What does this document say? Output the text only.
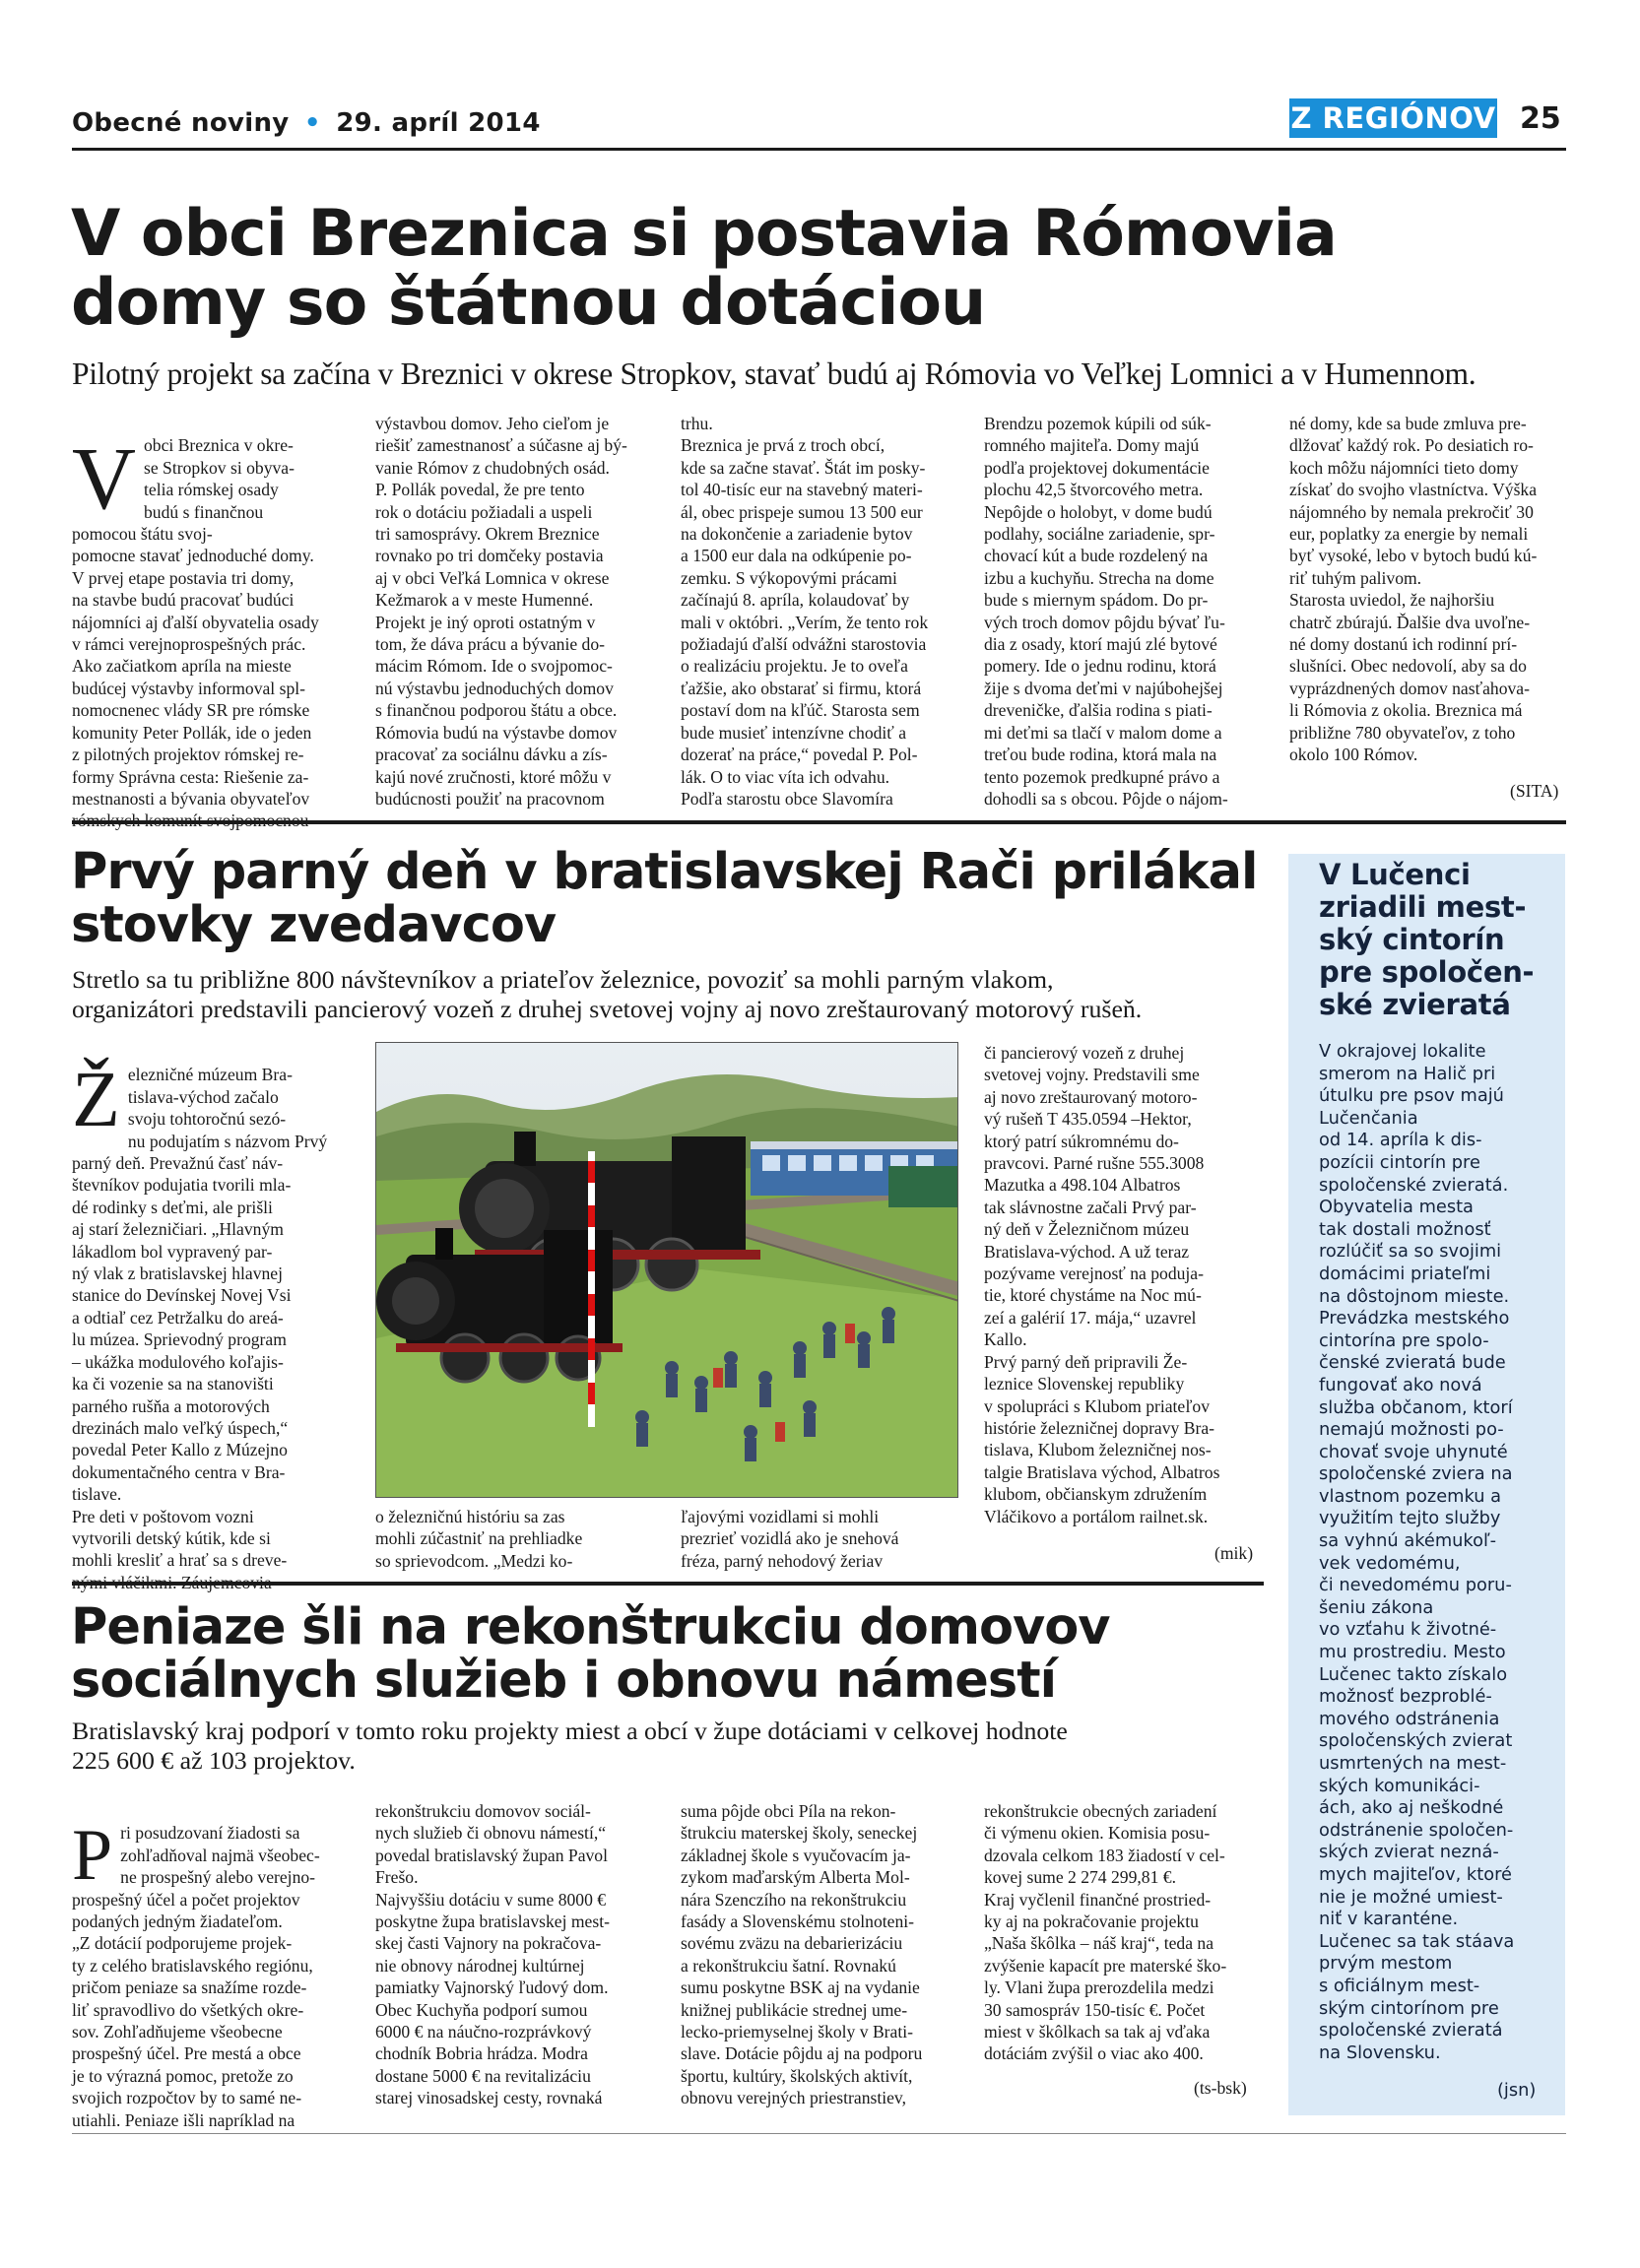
Obecné noviny • 29. apríl 2014	Z REGIÓNOV 25
V obci Breznica si postavia Rómovia
domy so štátnou dotáciou
Pilotný projekt sa začína v Breznici v okrese Stropkov, stavať budú aj Rómovia vo Veľkej Lomnici a v Humennom.

Vobci Breznica v okre-
se Stropkov si obyva-
telia rómskej osady
budú s finančnou
pomocou štátu svoj-
pomocne stavať jednoduché domy.
V prvej etape postavia tri domy,
na stavbe budú pracovať budúci
nájomníci aj ďalší obyvatelia osady
v rámci verejnoprospešných prác.
Ako začiatkom apríla na mieste
budúcej výstavby informoval spl-
nomocnenec vlády SR pre rómske
komunity Peter Pollák, ide o jeden
z pilotných projektov rómskej re-
formy Správna cesta: Riešenie za-
mestnanosti a bývania obyvateľov

výstavbou domov. Jeho cieľom je
riešiť zamestnanosť a súčasne aj bý-
vanie Rómov z chudobných osád.
P. Pollák povedal, že pre tento
rok o dotáciu požiadali a uspeli
tri samosprávy. Okrem Breznice
rovnako po tri domčeky postavia
aj v obci Veľká Lomnica v okrese
Kežmarok a v meste Humenné.
Projekt je iný oproti ostatným v
tom, že dáva prácu a bývanie do-
mácim Rómom. Ide o svojpomoc-
nú výstavbu jednoduchých domov
s finančnou podporou štátu a obce.
Rómovia budú na výstavbe domov
pracovať za sociálnu dávku a zís-
kajú nové zručnosti, ktoré môžu v
budúcnosti použiť na pracovnom
trhu.
Breznica je prvá z troch obcí,
kde sa začne stavať. Štát im posky-
tol 40-tisíc eur na stavebný materi-
ál, obec prispeje sumou 13 500 eur
na dokončenie a zariadenie bytov
a 1500 eur dala na odkúpenie po-
zemku. S výkopovými prácami
začínajú 8. apríla, kolaudovať by
mali v októbri. „Verím, že tento rok
požiadajú ďalší odvážni starostovia
o realizáciu projektu. Je to oveľa
ťažšie, ako obstarať si firmu, ktorá
postaví dom na kľúč. Starosta sem
bude musieť intenzívne chodiť a
dozerať na práce,“ povedal P. Pol-
lák. O to viac víta ich odvahu.
Podľa starostu obce Slavomíra
Brendzu pozemok kúpili od súk-
romného majiteľa. Domy majú
podľa projektovej dokumentácie
plochu 42,5 štvorcového metra.
Nepôjde o holobyt, v dome budú
podlahy, sociálne zariadenie, spr-
chovací kút a bude rozdelený na
izbu a kuchyňu. Strecha na dome
bude s miernym spádom. Do pr-
vých troch domov pôjdu bývať ľu-
dia z osady, ktorí majú zlé bytové
pomery. Ide o jednu rodinu, ktorá
žije s dvoma deťmi v najúbohejšej
dreveničke, ďalšia rodina s piati-
mi deťmi sa tlačí v malom dome a
treťou bude rodina, ktorá mala na
tento pozemok predkupné právo a
dohodli sa s obcou. Pôjde o nájom-
né domy, kde sa bude zmluva pre-
dlžovať každý rok. Po desiatich ro-
koch môžu nájomníci tieto domy
získať do svojho vlastníctva. Výška
nájomného by nemala prekročiť 30
eur, poplatky za energie by nemali
byť vysoké, lebo v bytoch budú kú-
riť tuhým palivom.
Starosta uviedol, že najhoršiu
chatrč zbúrajú. Ďalšie dva uvoľne-
né domy dostanú ich rodinní prí-
slušníci. Obec nedovolí, aby sa do
vyprázdnených domov nasťahova-
li Rómovia z okolia. Breznica má
približne 780 obyvateľov, z toho
okolo 100 Rómov.
(SITA)
Prvý parný deň v bratislavskej Rači prilákal
stovky zvedavcov
Stretlo sa tu približne 800 návštevníkov a priateľov železnice, povoziť sa mohli parným vlakom,
organizátori predstavili pancierový vozeň z druhej svetovej vojny aj novo zreštaurovaný motorový rušeň.

Železničné múzeum Bra-
tislava-východ začalo
svoju tohtoročnú sezó-
nu podujatím s názvom Prvý
parný deň. Prevažnú časť náv-
števníkov podujatia tvorili mla-
dé rodinky s deťmi, ale prišli
aj starí železničiari. „Hlavným
lákadlom bol vypravený par-
ný vlak z bratislavskej hlavnej
stanice do Devínskej Novej Vsi
a odtiaľ cez Petržalku do areá-
lu múzea. Sprievodný program
– ukážka modulového koľajis-
ka či vozenie sa na stanovišti
parného rušňa a motorových
drezinách malo veľký úspech,“
povedal Peter Kallo z Múzejno
dokumentačného centra v Bra-
tislave.
Pre deti v poštovom vozni
vytvorili detský kútik, kde si
mohli kresliť a hrať sa s dreve-

o železničnú históriu sa zas
mohli zúčastniť na prehliadke
so sprievodcom. „Medzi ko-
ľajovými vozidlami si mohli
prezrieť vozidlá ako je snehová
fréza, parný nehodový žeriav
či pancierový vozeň z druhej
svetovej vojny. Predstavili sme
aj novo zreštaurovaný motoro-
vý rušeň T 435.0594 –Hektor,
ktorý patrí súkromnému do-
pravcovi. Parné rušne 555.3008
Mazutka a 498.104 Albatros
tak slávnostne začali Prvý par-
ný deň v Železničnom múzeu
Bratislava-východ. A už teraz
pozývame verejnosť na poduja-
tie, ktoré chystáme na Noc mú-
zeí a galérií 17. mája,“ uzavrel
Kallo.
Prvý parný deň pripravili Že-
leznice Slovenskej republiky
v spolupráci s Klubom priateľov
histórie železničnej dopravy Bra-
tislava, Klubom železničnej nos-
talgie Bratislava východ, Albatros
klubom, občianskym združením
Vláčikovo a portálom railnet.sk.
(mik)
V Lučenci
zriadili mest-
ský cintorín
pre spoločen-
ské zvieratá
V okrajovej lokalite
smerom na Halič pri
útulku pre psov majú
Lučenčania
od 14. apríla k dis-
pozícii cintorín pre
spoločenské zvieratá.
Obyvatelia mesta
tak dostali možnosť
rozlúčiť sa so svojimi
domácimi priateľmi
na dôstojnom mieste.
Prevádzka mestského
cintorína pre spolo-
čenské zvieratá bude
fungovať ako nová
služba občanom, ktorí
nemajú možnosti po-
chovať svoje uhynuté
spoločenské zviera na
vlastnom pozemku a
využitím tejto služby
sa vyhnú akémukoľ-
vek vedomému,
či nevedomému poru-
šeniu zákona
vo vzťahu k životné-
mu prostrediu. Mesto
Lučenec takto získalo
možnosť bezproblé-
mového odstránenia
spoločenských zvierat
usmrtených na mest-
ských komunikáci-
ách, ako aj neškodné
odstránenie spoločen-
ských zvierat nezná-
mych majiteľov, ktoré
nie je možné umiest-
niť v karanténe.
Lučenec sa tak stáava
prvým mestom
s oficiálnym mest-
ským cintorínom pre
spoločenské zvieratá
na Slovensku.
(jsn)
Peniaze šli na rekonštrukciu domovov
sociálnych služieb i obnovu námestí
Bratislavský kraj podporí v tomto roku projekty miest a obcí v župe dotáciami v celkovej hodnote
225 600 € až 103 projektov.

Pri posudzovaní žiadosti sa
zohľadňoval najmä všeobec-
ne prospešný alebo verejno-
prospešný účel a počet projektov
podaných jedným žiadateľom.
„Z dotácií podporujeme projek-
ty z celého bratislavského regiónu,
pričom peniaze sa snažíme rozde-
liť spravodlivo do všetkých okre-
sov. Zohľadňujeme všeobecne
prospešný účel. Pre mestá a obce
je to výrazná pomoc, pretože zo
svojich rozpočtov by to samé ne-
utiahli. Peniaze išli napríklad na

rekonštrukciu domovov sociál-
nych služieb či obnovu námestí,“
povedal bratislavský župan Pavol
Frešo.
Najvyššiu dotáciu v sume 8000 €
poskytne župa bratislavskej mest-
skej časti Vajnory na pokračova-
nie obnovy národnej kultúrnej
pamiatky Vajnorský ľudový dom.
Obec Kuchyňa podporí sumou
6000 € na náučno-rozprávkový
chodník Bobria hrádza. Modra
dostane 5000 € na revitalizáciu
starej vinosadskej cesty, rovnaká
suma pôjde obci Píla na rekon-
štrukciu materskej školy, seneckej
základnej škole s vyučovacím ja-
zykom maďarským Alberta Mol-
nára Szenczího na rekonštrukciu
fasády a Slovenskému stolnoteni-
sovému zväzu na debarierizáciu
a rekonštrukciu šatní. Rovnakú
sumu poskytne BSK aj na vydanie
knižnej publikácie strednej ume-
lecko-priemyselnej školy v Brati-
slave. Dotácie pôjdu aj na podporu
športu, kultúry, školských aktivít,
obnovu verejných priestranstiev,
rekonštrukcie obecných zariadení
či výmenu okien. Komisia posu-
dzovala celkom 183 žiadostí v cel-
kovej sume 2 274 299,81 €.
Kraj vyčlenil finančné prostried-
ky aj na pokračovanie projektu
„Naša škôlka – náš kraj“, teda na
zvýšenie kapacít pre materské ško-
ly. Vlani župa prerozdelila medzi
30 samospráv 150-tisíc €. Počet
miest v škôlkach sa tak aj vďaka
dotáciám zvýšil o viac ako 400.
(ts-bsk)
